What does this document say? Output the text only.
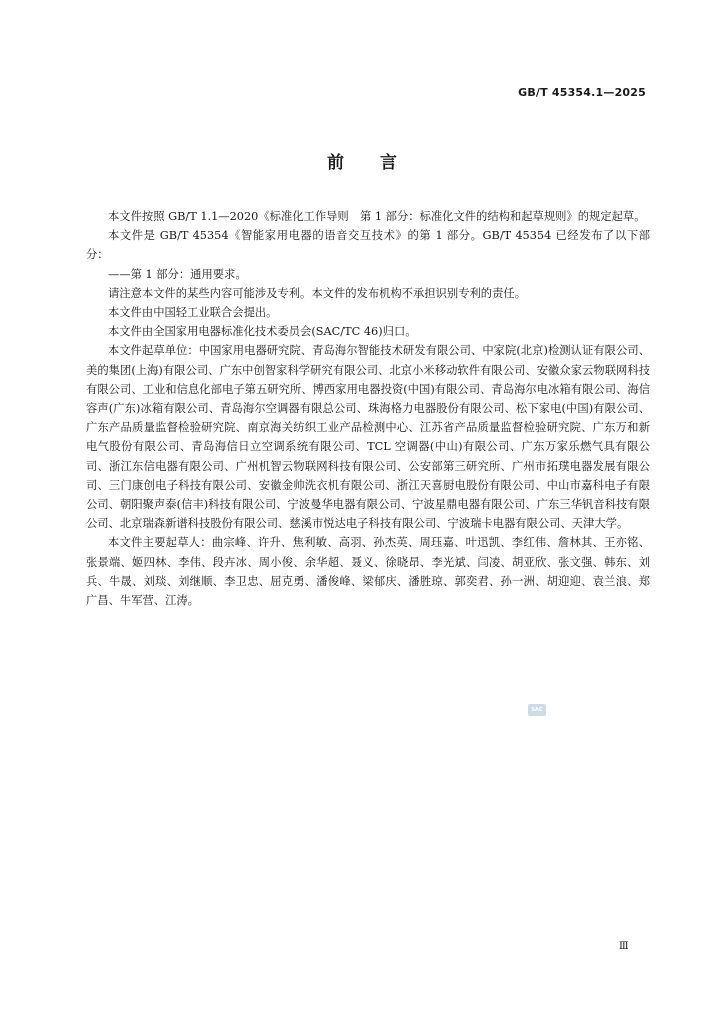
GB/T 45354.1—2025
前言

本文件按照 GB/T 1.1—2020《标准化工作导则　第 1 部分：标准化文件的结构和起草规则》的规定起草。

本文件是 GB/T 45354《智能家用电器的语音交互技术》的第 1 部分。GB/T 45354 已经发布了以下部分：

——第 1 部分：通用要求。

请注意本文件的某些内容可能涉及专利。本文件的发布机构不承担识别专利的责任。

本文件由中国轻工业联合会提出。

本文件由全国家用电器标准化技术委员会(SAC/TC 46)归口。

本文件起草单位：中国家用电器研究院、青岛海尔智能技术研发有限公司、中家院(北京)检测认证有限公司、美的集团(上海)有限公司、广东中创智家科学研究有限公司、北京小米移动软件有限公司、安徽众家云物联网科技有限公司、工业和信息化部电子第五研究所、博西家用电器投资(中国)有限公司、青岛海尔电冰箱有限公司、海信容声(广东)冰箱有限公司、青岛海尔空调器有限总公司、珠海格力电器股份有限公司、松下家电(中国)有限公司、广东产品质量监督检验研究院、南京海关纺织工业产品检测中心、江苏省产品质量监督检验研究院、广东万和新电气股份有限公司、青岛海信日立空调系统有限公司、TCL 空调器(中山)有限公司、广东万家乐燃气具有限公司、浙江东信电器有限公司、广州机智云物联网科技有限公司、公安部第三研究所、广州市拓璞电器发展有限公司、三门康创电子科技有限公司、安徽金帅洗衣机有限公司、浙江天喜厨电股份有限公司、中山市嘉科电子有限公司、朝阳聚声泰(信丰)科技有限公司、宁波曼华电器有限公司、宁波星鼎电器有限公司、广东三华钒音科技有限公司、北京瑞森新谱科技股份有限公司、慈溪市悦达电子科技有限公司、宁波瑞卡电器有限公司、天津大学。

本文件主要起草人：曲宗峰、许升、焦利敏、高羽、孙杰英、周珏嘉、叶迅凯、李红伟、詹林其、王亦铭、张景端、姬四林、李伟、段卉冰、周小俊、余华超、聂义、徐晓昂、李光斌、闫凌、胡亚欣、张文强、韩东、刘兵、牛晟、刘琰、刘继顺、李卫忠、屈克勇、潘俊峰、梁郁庆、潘胜琼、郭奕君、孙一洲、胡迎迎、袁兰浪、郑广昌、牛军营、江涛。

SAC
Ⅲ
